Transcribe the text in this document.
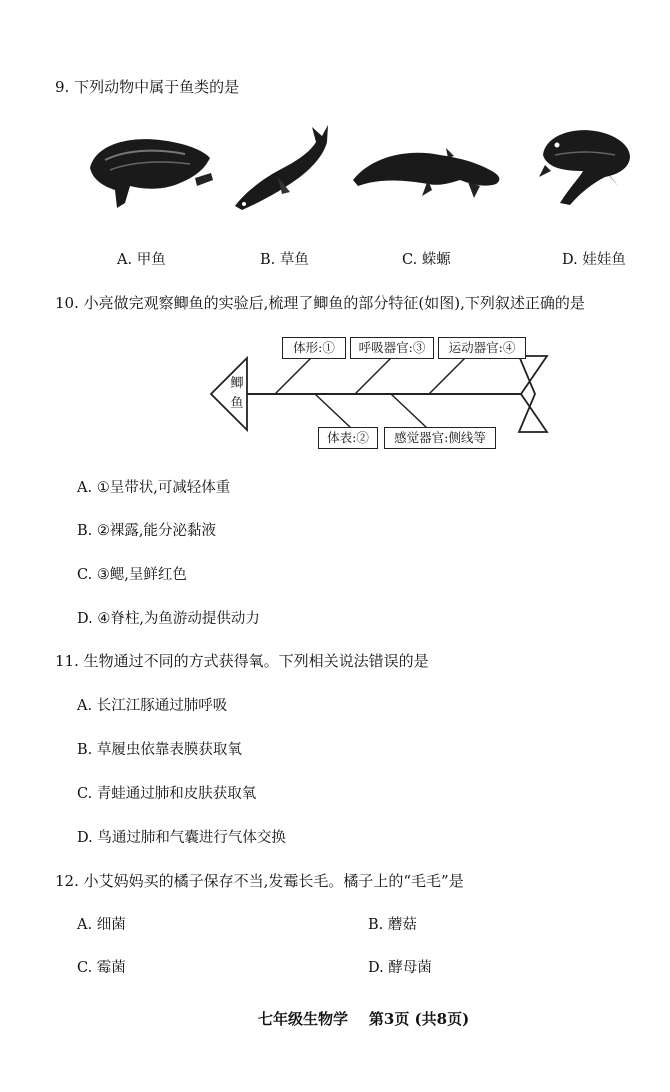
9. 下列动物中属于鱼类的是
A. 甲鱼	B. 草鱼	C. 蝾螈	D. 娃娃鱼
10. 小亮做完观察鲫鱼的实验后,梳理了鲫鱼的部分特征(如图),下列叙述正确的是
鲫
鱼
体形:①	呼吸器官:③	运动器官:④
体表:②	感觉器官:侧线等
A. ①呈带状,可减轻体重
B. ②裸露,能分泌黏液
C. ③鳃,呈鲜红色
D. ④脊柱,为鱼游动提供动力
11. 生物通过不同的方式获得氧。下列相关说法错误的是
A. 长江江豚通过肺呼吸
B. 草履虫依靠表膜获取氧
C. 青蛙通过肺和皮肤获取氧
D. 鸟通过肺和气囊进行气体交换
12. 小艾妈妈买的橘子保存不当,发霉长毛。橘子上的“毛毛”是
A. 细菌	B. 蘑菇
C. 霉菌	D. 酵母菌
七年级生物学    第3页 (共8页)
